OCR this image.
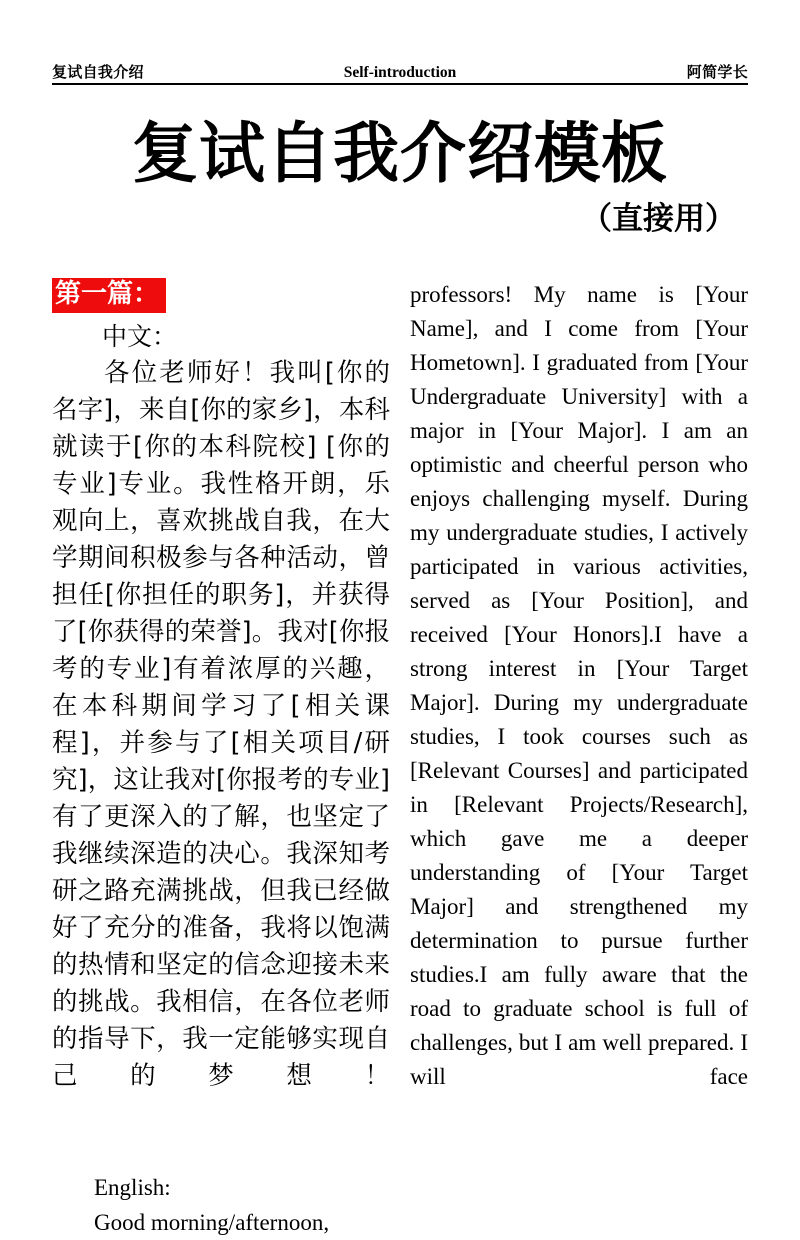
复试自我介绍	Self-introduction	阿简学长
复试自我介绍模板
（直接用）
第一篇：
中文：

各位老师好！我叫[你的名字]，来自[你的家乡]，本科就读于[你的本科院校] [你的专业]专业。我性格开朗，乐观向上，喜欢挑战自我，在大学期间积极参与各种活动，曾担任[你担任的职务]，并获得了[你获得的荣誉]。我对[你报考的专业]有着浓厚的兴趣，在本科期间学习了[相关课程]，并参与了[相关项目/研究]，这让我对[你报考的专业]有了更深入的了解，也坚定了我继续深造的决心。我深知考研之路充满挑战，但我已经做好了充分的准备，我将以饱满的热情和坚定的信念迎接未来的挑战。我相信，在各位老师的指导下，我一定能够实现自己的梦想！

English:

Good morning/afternoon,

professors! My name is [Your Name], and I come from [Your Hometown]. I graduated from [Your Undergraduate University] with a major in [Your Major]. I am an optimistic and cheerful person who enjoys challenging myself. During my undergraduate studies, I actively participated in various activities, served as [Your Position], and received [Your Honors].I have a strong interest in [Your Target Major]. During my undergraduate studies, I took courses such as [Relevant Courses] and participated in [Relevant Projects/Research], which gave me a deeper understanding of [Your Target Major] and strengthened my determination to pursue further studies.I am fully aware that the road to graduate school is full of challenges, but I am well prepared. I will face
